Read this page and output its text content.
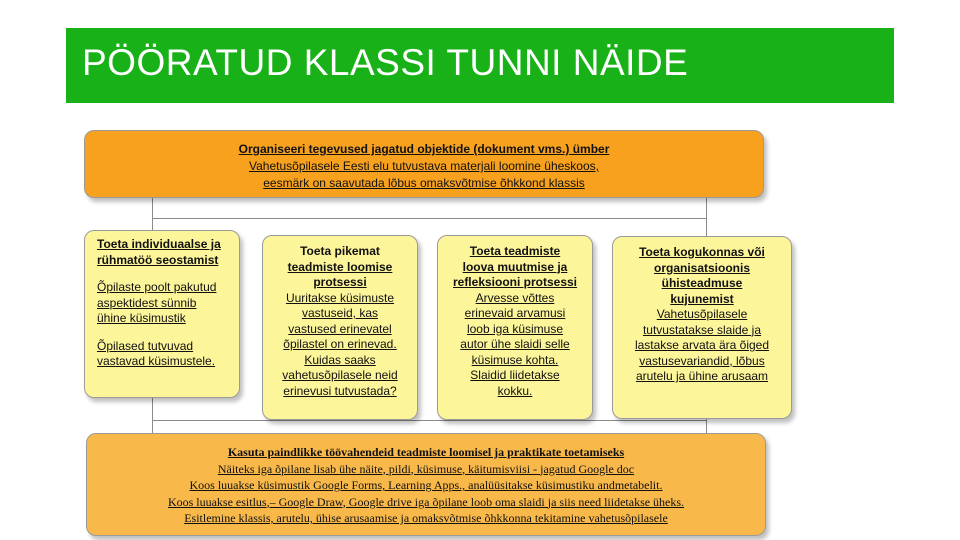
PÖÖRATUD KLASSI TUNNI NÄIDE
Organiseeri tegevused jagatud objektide (dokument vms.) ümber
Vahetusõpilasele Eesti elu tutvustava materjali loomine üheskoos,
eesmärk on saavutada lõbus omaksvõtmise õhkkond klassis
Toeta individuaalse ja
rühmatöö seostamist
Õpilaste poolt pakutud
aspektidest sünnib
ühine küsimustik
Õpilased tutvuvad
vastavad küsimustele.
Toeta pikemat
teadmiste loomise
protsessi
Uuritakse küsimuste
vastuseid, kas
vastused erinevatel
õpilastel on erinevad.
Kuidas saaks
vahetusõpilasele neid
erinevusi tutvustada?
Toeta teadmiste
loova muutmise ja
refleksiooni protsessi
Arvesse võttes
erinevaid arvamusi
loob iga küsimuse
autor ühe slaidi selle
küsimuse kohta.
Slaidid liidetakse
kokku.
Toeta kogukonnas või
organisatsioonis
ühisteadmuse
kujunemist
Vahetusõpilasele
tutvustatakse slaide ja
lastakse arvata ära õiged
vastusevariandid, lõbus
arutelu ja ühine arusaam
Kasuta paindlikke töövahendeid teadmiste loomisel ja praktikate toetamiseks
Näiteks iga õpilane lisab ühe näite, pildi, küsimuse, käitumisviisi - jagatud Google doc
Koos luuakse küsimustik Google Forms, Learning Apps., analüüsitakse küsimustiku andmetabelit.
Koos luuakse esitlus,– Google Draw, Google drive iga õpilane loob oma slaidi ja siis need liidetakse üheks.
Esitlemine klassis, arutelu, ühise arusaamise ja omaksvõtmise õhkkonna tekitamine vahetusõpilasele
